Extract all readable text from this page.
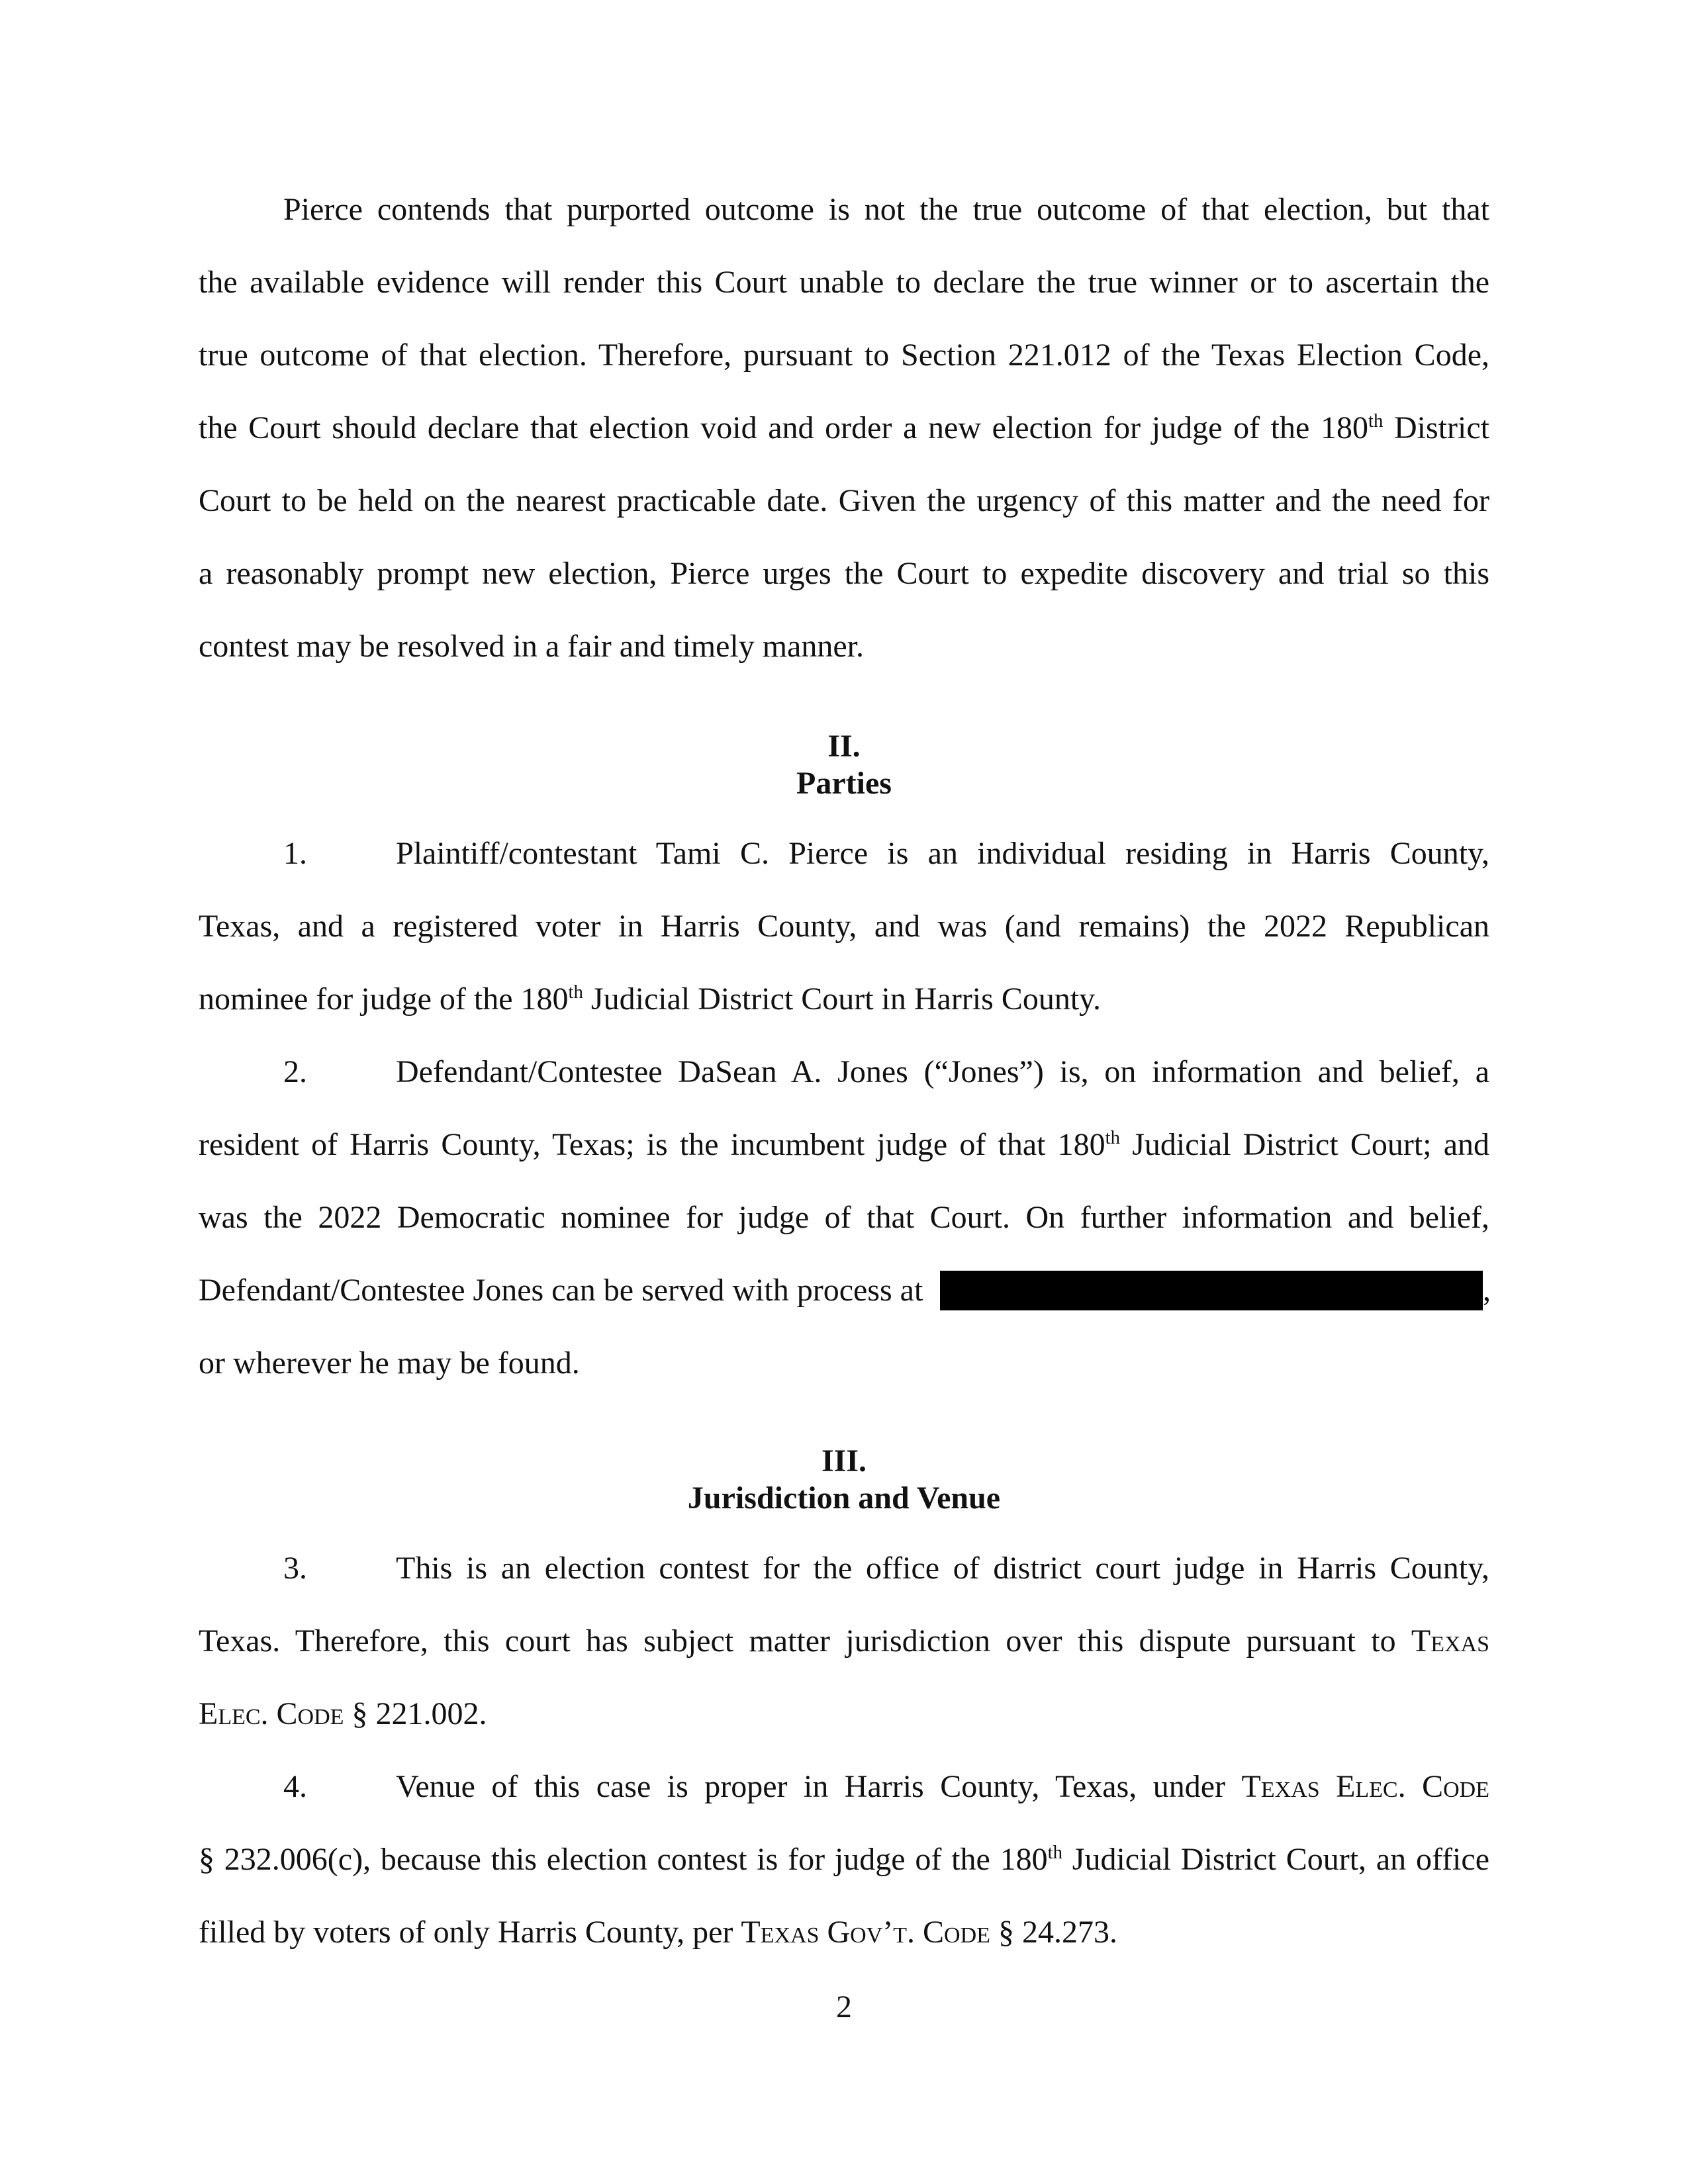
Pierce contends that purported outcome is not the true outcome of that election, but that
the available evidence will render this Court unable to declare the true winner or to ascertain the
true outcome of that election. Therefore, pursuant to Section 221.012 of the Texas Election Code,
the Court should declare that election void and order a new election for judge of the 180th District
Court to be held on the nearest practicable date. Given the urgency of this matter and the need for
a reasonably prompt new election, Pierce urges the Court to expedite discovery and trial so this
contest may be resolved in a fair and timely manner.
II.
Parties
1.	Plaintiff/contestant Tami C. Pierce is an individual residing in Harris County,
Texas, and a registered voter in Harris County, and was (and remains) the 2022 Republican
nominee for judge of the 180th Judicial District Court in Harris County.
2.	Defendant/Contestee DaSean A. Jones (“Jones”) is, on information and belief, a
resident of Harris County, Texas; is the incumbent judge of that 180th Judicial District Court; and
was the 2022 Democratic nominee for judge of that Court. On further information and belief,
Defendant/Contestee Jones can be served with process at	,
or wherever he may be found.
III.
Jurisdiction and Venue
3.	This is an election contest for the office of district court judge in Harris County,
Texas. Therefore, this court has subject matter jurisdiction over this dispute pursuant to Texas
Elec. Code § 221.002.
4.	Venue of this case is proper in Harris County, Texas, under Texas Elec. Code
§ 232.006(c), because this election contest is for judge of the 180th Judicial District Court, an office
filled by voters of only Harris County, per Texas Gov’t. Code § 24.273.
2
